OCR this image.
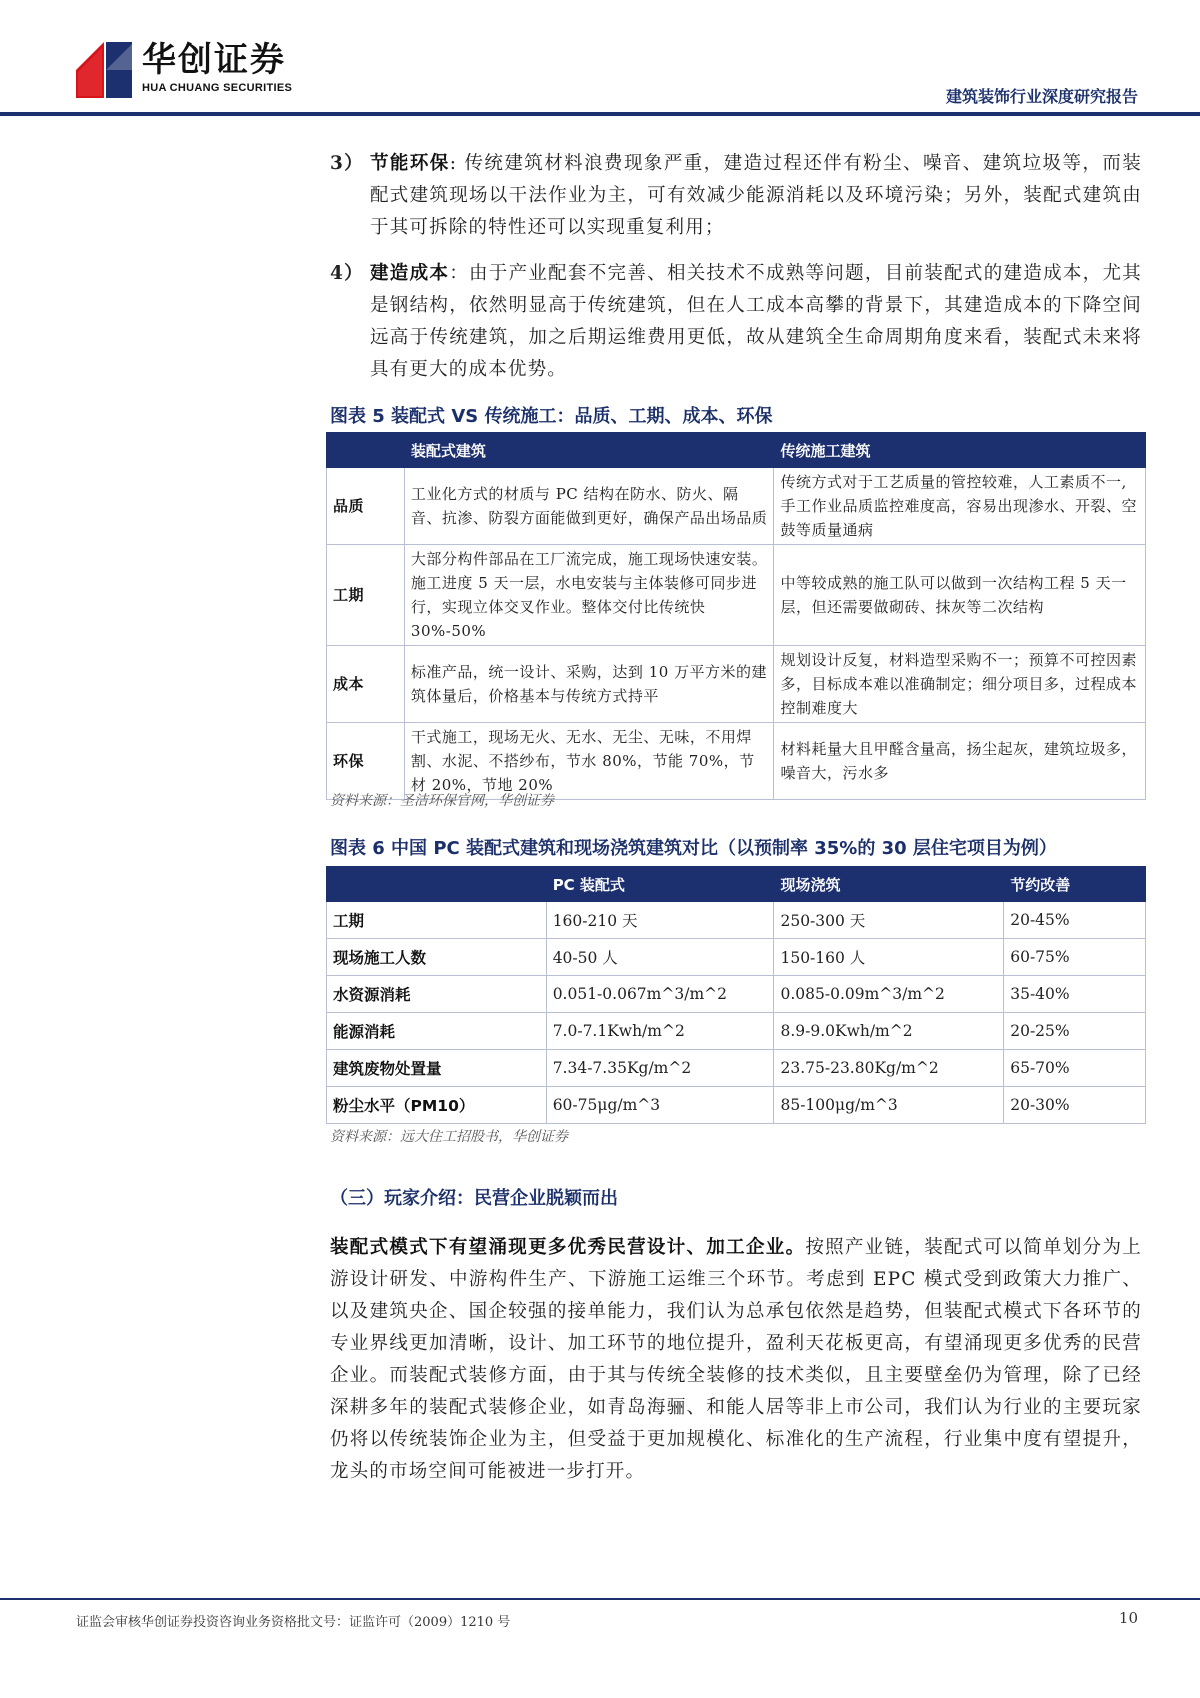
华创证券
HUA CHUANG SECURITIES	建筑装饰行业深度研究报告
3） 节能环保: 传统建筑材料浪费现象严重，建造过程还伴有粉尘、噪音、建筑垃圾等，而装配式建筑现场以干法作业为主，可有效减少能源消耗以及环境污染；另外，装配式建筑由于其可拆除的特性还可以实现重复利用；
4） 建造成本：由于产业配套不完善、相关技术不成熟等问题，目前装配式的建造成本，尤其是钢结构，依然明显高于传统建筑，但在人工成本高攀的背景下，其建造成本的下降空间远高于传统建筑，加之后期运维费用更低，故从建筑全生命周期角度来看，装配式未来将具有更大的成本优势。
图表 5 装配式 VS 传统施工：品质、工期、成本、环保
	装配式建筑	传统施工建筑
品质	工业化方式的材质与 PC 结构在防水、防火、隔音、抗渗、防裂方面能做到更好，确保产品出场品质	传统方式对于工艺质量的管控较难，人工素质不一,手工作业品质监控难度高，容易出现渗水、开裂、空鼓等质量通病
工期	大部分构件部品在工厂流完成，施工现场快速安装。施工进度 5 天一层，水电安装与主体装修可同步进行，实现立体交叉作业。整体交付比传统快 30%-50%	中等较成熟的施工队可以做到一次结构工程 5 天一层，但还需要做砌砖、抹灰等二次结构
成本	标准产品，统一设计、采购，达到 10 万平方米的建筑体量后，价格基本与传统方式持平	规划设计反复，材料造型采购不一；预算不可控因素多，目标成本难以准确制定；细分项目多，过程成本控制难度大
环保	干式施工，现场无火、无水、无尘、无味，不用焊割、水泥、不搭纱布，节水 80%，节能 70%，节材 20%，节地 20%	材料耗量大且甲醛含量高，扬尘起灰，建筑垃圾多，噪音大，污水多
资料来源：圣洁环保官网，华创证券
图表 6 中国 PC 装配式建筑和现场浇筑建筑对比（以预制率 35%的 30 层住宅项目为例）
	PC 装配式	现场浇筑	节约改善
工期	160-210 天	250-300 天	20-45%
现场施工人数	40-50 人	150-160 人	60-75%
水资源消耗	0.051-0.067m^3/m^2	0.085-0.09m^3/m^2	35-40%
能源消耗	7.0-7.1Kwh/m^2	8.9-9.0Kwh/m^2	20-25%
建筑废物处置量	7.34-7.35Kg/m^2	23.75-23.80Kg/m^2	65-70%
粉尘水平（PM10）	60-75μg/m^3	85-100μg/m^3	20-30%
资料来源：远大住工招股书，华创证券
（三）玩家介绍：民营企业脱颖而出
装配式模式下有望涌现更多优秀民营设计、加工企业。按照产业链，装配式可以简单划分为上游设计研发、中游构件生产、下游施工运维三个环节。考虑到 EPC 模式受到政策大力推广、以及建筑央企、国企较强的接单能力，我们认为总承包依然是趋势，但装配式模式下各环节的专业界线更加清晰，设计、加工环节的地位提升，盈利天花板更高，有望涌现更多优秀的民营企业。而装配式装修方面，由于其与传统全装修的技术类似，且主要壁垒仍为管理，除了已经深耕多年的装配式装修企业，如青岛海骊、和能人居等非上市公司，我们认为行业的主要玩家仍将以传统装饰企业为主，但受益于更加规模化、标准化的生产流程，行业集中度有望提升，龙头的市场空间可能被进一步打开。
证监会审核华创证券投资咨询业务资格批文号：证监许可（2009）1210 号	10
